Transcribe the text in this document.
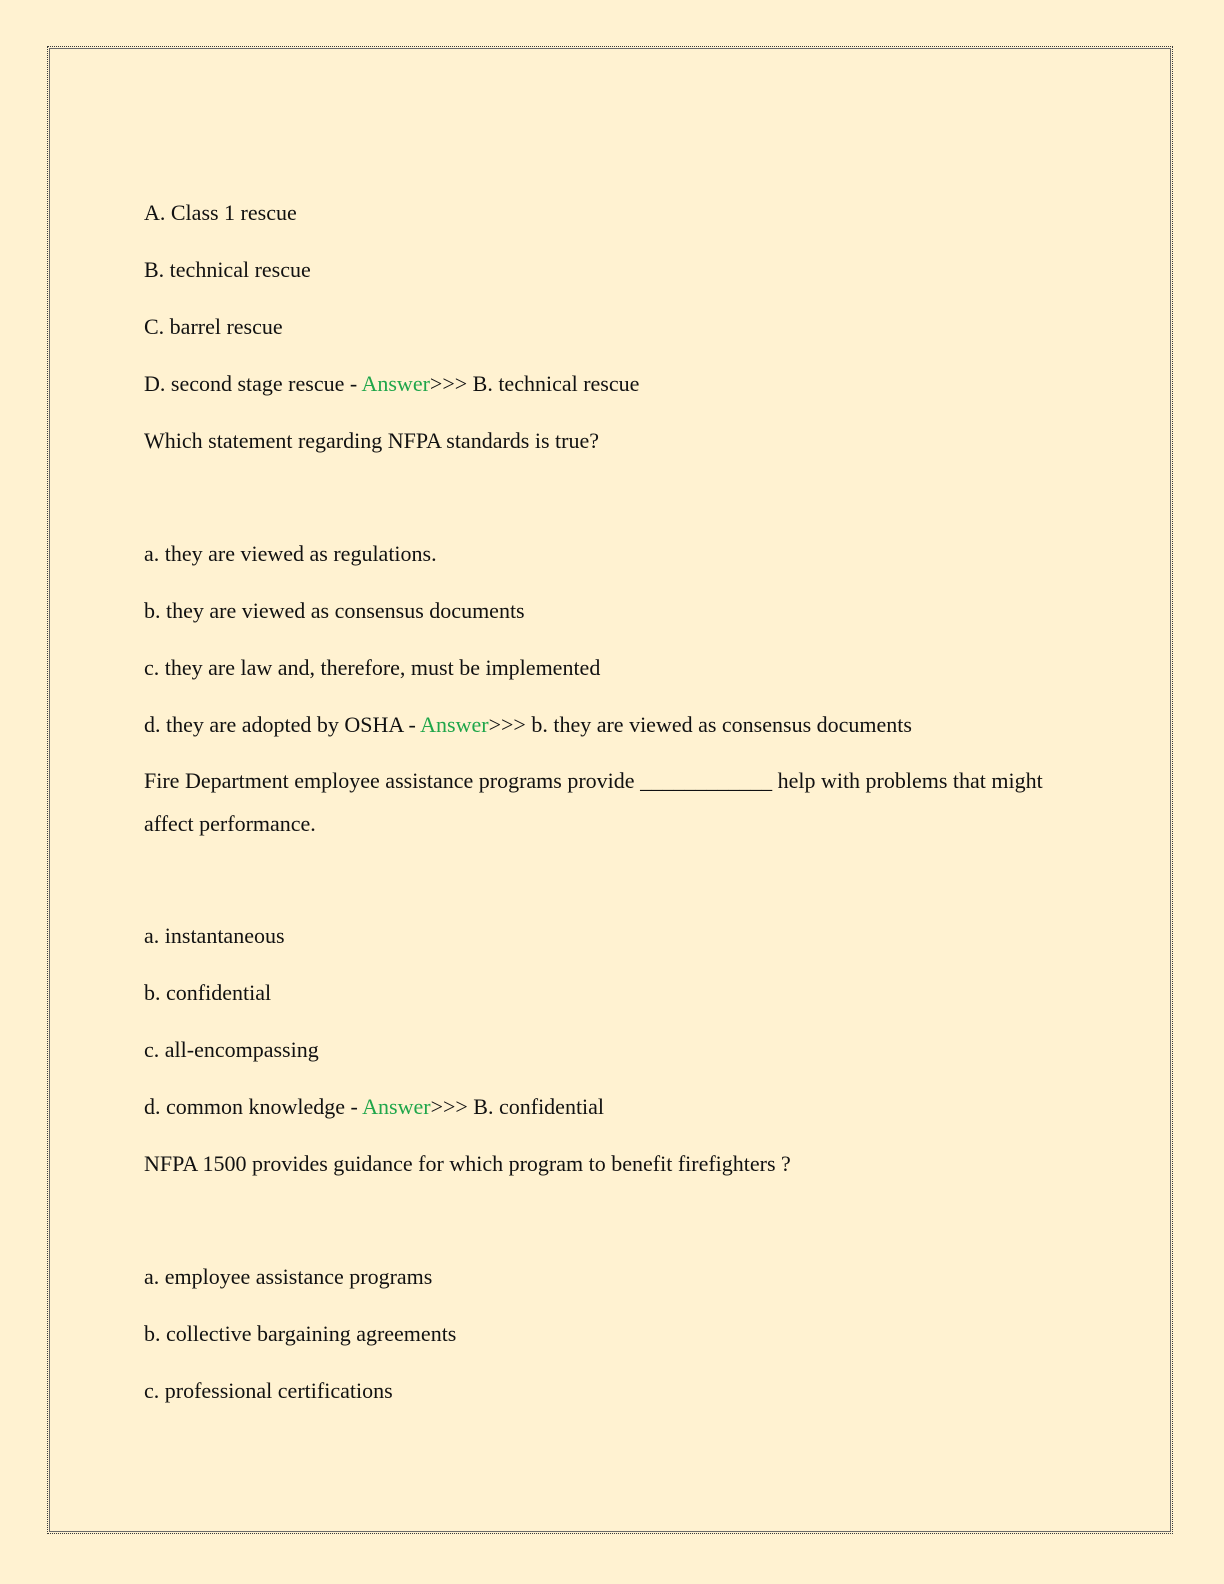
A. Class 1 rescue
B. technical rescue
C. barrel rescue
D. second stage rescue - Answer>>> B. technical rescue
Which statement regarding NFPA standards is true?
a. they are viewed as regulations.
b. they are viewed as consensus documents
c. they are law and, therefore, must be implemented
d. they are adopted by OSHA - Answer>>> b. they are viewed as consensus documents
Fire Department employee assistance programs provide ____________ help with problems that might affect performance.
a. instantaneous
b. confidential
c. all-encompassing
d. common knowledge - Answer>>> B. confidential
NFPA 1500 provides guidance for which program to benefit firefighters ?
a. employee assistance programs
b. collective bargaining agreements
c. professional certifications
